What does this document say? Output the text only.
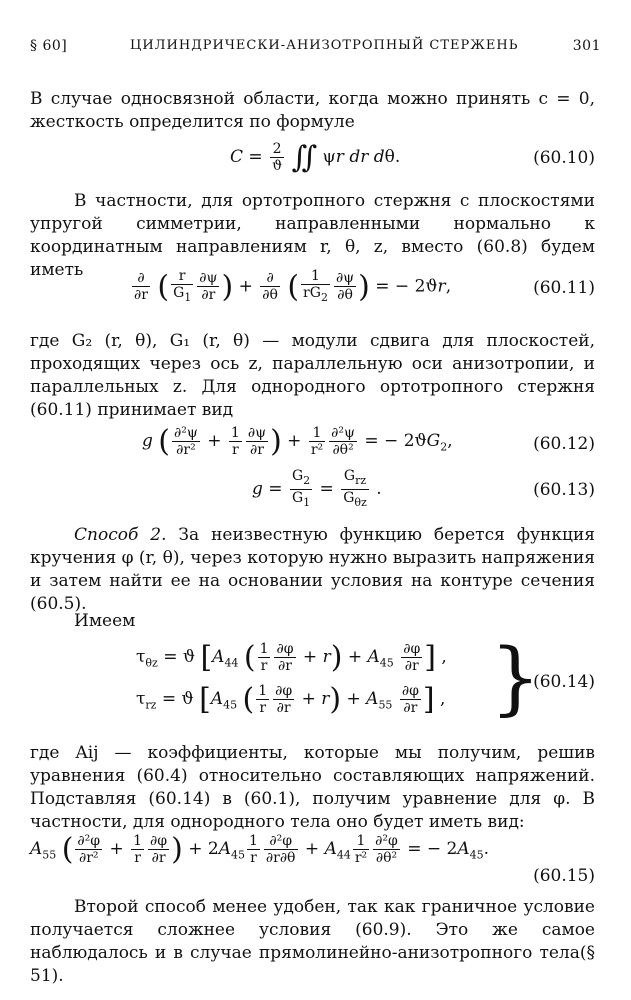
§ 60]	ЦИЛИНДРИЧЕСКИ-АНИЗОТРОПНЫЙ СТЕРЖЕНЬ	301
В случае односвязной области, когда можно принять c = 0, жесткость определится по формуле
$C = \frac{2}{ϑ}$ ∬ ψr dr dθ.	(60.10)
В частности, для ортотропного стержня с плоскостями упругой симметрии, направленными нормально к координатным направлениям r, θ, z, вместо (60.8) будем иметь
$\frac{\partial}{\partial r}$ ( $\frac{r}{G_1} \frac{\partial\psi}{\partial r}$ ) + $\frac{\partial}{\partial\theta}$ ( $\frac{1}{rG_2} \frac{\partial\psi}{\partial\theta}$ ) = − 2ϑr,	(60.11)
где G₂ (r, θ), G₁ (r, θ) — модули сдвига для плоскостей, проходящих через ось z, параллельную оси анизотропии, и параллельных z. Для однородного ортотропного стержня (60.11) принимает вид
g ( $\frac{\text{∂²ψ}}{\text{∂r²}} + \frac{1}{r} \frac{\partial\psi}{\partial r}$ ) + $\frac{1}{\text{r²}} \frac{\text{∂²ψ}}{\text{∂θ²}}$ = − $2ϑG_2$,	(60.12)
$g = \frac{G_2}{G_1} = \frac{G_{rz}}{G_{\theta z}}$ .	(60.13)
Способ 2. За неизвестную функцию берется функция кручения φ (r, θ), через которую нужно выразить напряжения и затем найти ее на основании условия на контуре сечения (60.5).
Имеем
$\tau_{\theta z} = ϑ$ [$A_{44}$ ( $\frac{1}{r} \frac{\partial\varphi}{\partial r} + r) + A_{45} \frac{\partial\varphi}{\partial r}$ ] ,
$\tau_{rz} = ϑ$ [$A_{45}$ ( $\frac{1}{r} \frac{\partial\varphi}{\partial r} + r) + A_{55} \frac{\partial\varphi}{\partial r}$ ] , }
(60.14)
где Aij — коэффициенты, которые мы получим, решив уравнения (60.4) относительно составляющих напряжений. Подставляя (60.14) в (60.1), получим уравнение для φ. В частности, для однородного тела оно будет иметь вид:
$A_{55}$ ( $\frac{\text{∂²φ}}{\text{∂r²}} + \frac{1}{r} \frac{\partial\varphi}{\partial r}$ ) + $2A_{45} \frac{1}{r} \frac{\text{∂²φ}}{\partial r\partial\theta} + A_{44} \frac{1}{\text{r²}} \frac{\text{∂²φ}}{\text{∂θ²}}$ = − $2A_{45}$.
(60.15)
Второй способ менее удобен, так как граничное условие получается сложнее условия (60.9). Это же самое наблюдалось и в случае прямолинейно-анизотропного тела(§ 51).
